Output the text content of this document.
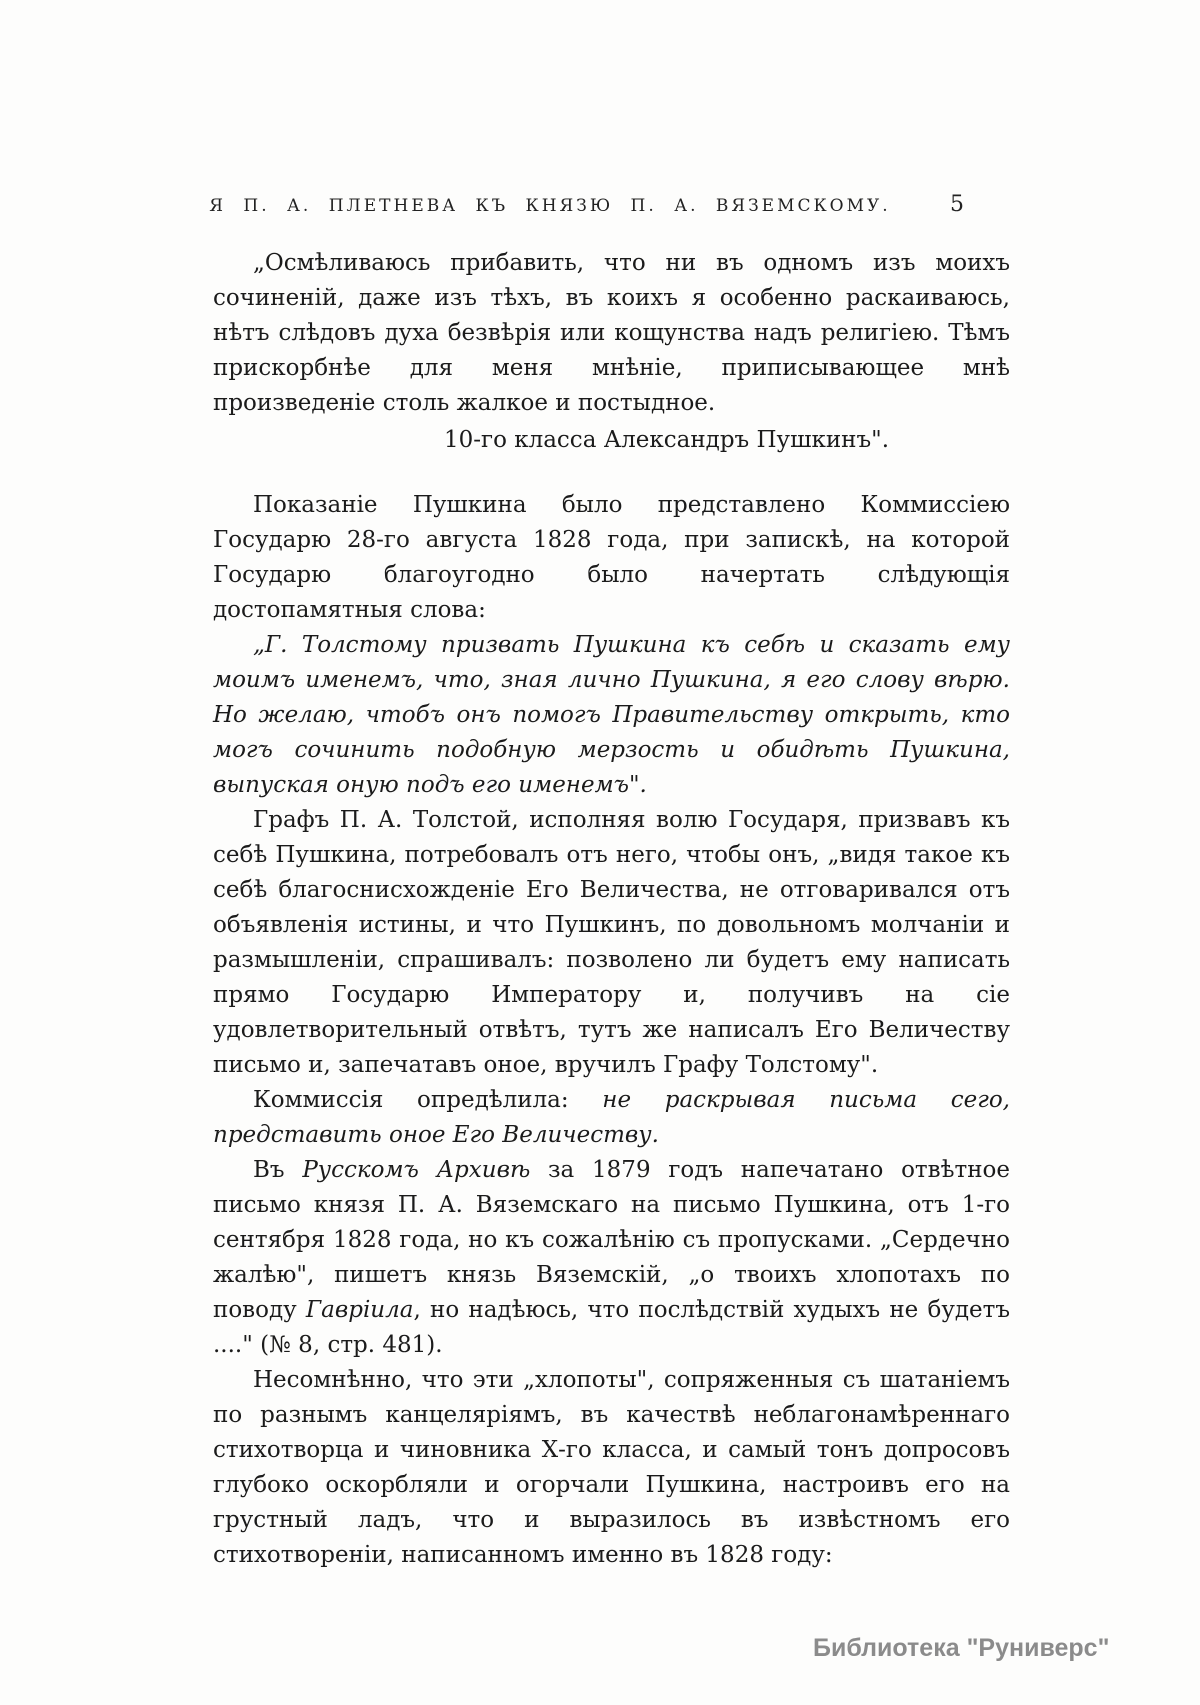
Я П. А. ПЛЕТНЕВА КЪ КНЯЗЮ П. А. ВЯЗЕМСКОМУ.	5
„Осмѣливаюсь прибавить, что ни въ одномъ изъ моихъ сочиненій, даже изъ тѣхъ, въ коихъ я особенно раскаиваюсь, нѣтъ слѣдовъ духа безвѣрія или кощунства надъ религіею. Тѣмъ прискорбнѣе для меня мнѣніе, приписывающее мнѣ произведеніе столь жалкое и постыдное.
10-го класса Александръ Пушкинъ".
Показаніе Пушкина было представлено Коммиссіею Государю 28-го августа 1828 года, при запискѣ, на которой Государю благоугодно было начертать слѣдующія достопамятныя слова:
„Г. Толстому призвать Пушкина къ себѣ и сказать ему моимъ именемъ, что, зная лично Пушкина, я его слову вѣрю. Но желаю, чтобъ онъ помогъ Правительству открыть, кто могъ сочинить подобную мерзость и обидѣть Пушкина, выпуская оную подъ его именемъ".
Графъ П. А. Толстой, исполняя волю Государя, призвавъ къ себѣ Пушкина, потребовалъ отъ него, чтобы онъ, „видя такое къ себѣ благоснисхожденіе Его Величества, не отговаривался отъ объявленія истины, и что Пушкинъ, по довольномъ молчаніи и размышленіи, спрашивалъ: позволено ли будетъ ему написать прямо Государю Императору и, получивъ на сіе удовлетворительный отвѣтъ, тутъ же написалъ Его Величеству письмо и, запечатавъ оное, вручилъ Графу Толстому".
Коммиссія опредѣлила: не раскрывая письма сего, представить оное Его Величеству.
Въ Русскомъ Архивѣ за 1879 годъ напечатано отвѣтное письмо князя П. А. Вяземскаго на письмо Пушкина, отъ 1-го сентября 1828 года, но къ сожалѣнію съ пропусками. „Сердечно жалѣю", пишетъ князь Вяземскій, „о твоихъ хлопотахъ по поводу Гавріила, но надѣюсь, что послѣдствій худыхъ не будетъ ...." (№ 8, стр. 481).
Несомнѣнно, что эти „хлопоты", сопряженныя съ шатаніемъ по разнымъ канцеляріямъ, въ качествѣ неблагонамѣреннаго стихотворца и чиновника Х-го класса, и самый тонъ допросовъ глубоко оскорбляли и огорчали Пушкина, настроивъ его на грустный ладъ, что и выразилось въ извѣстномъ его стихотвореніи, написанномъ именно въ 1828 году:
Библиотека "Руниверс"
